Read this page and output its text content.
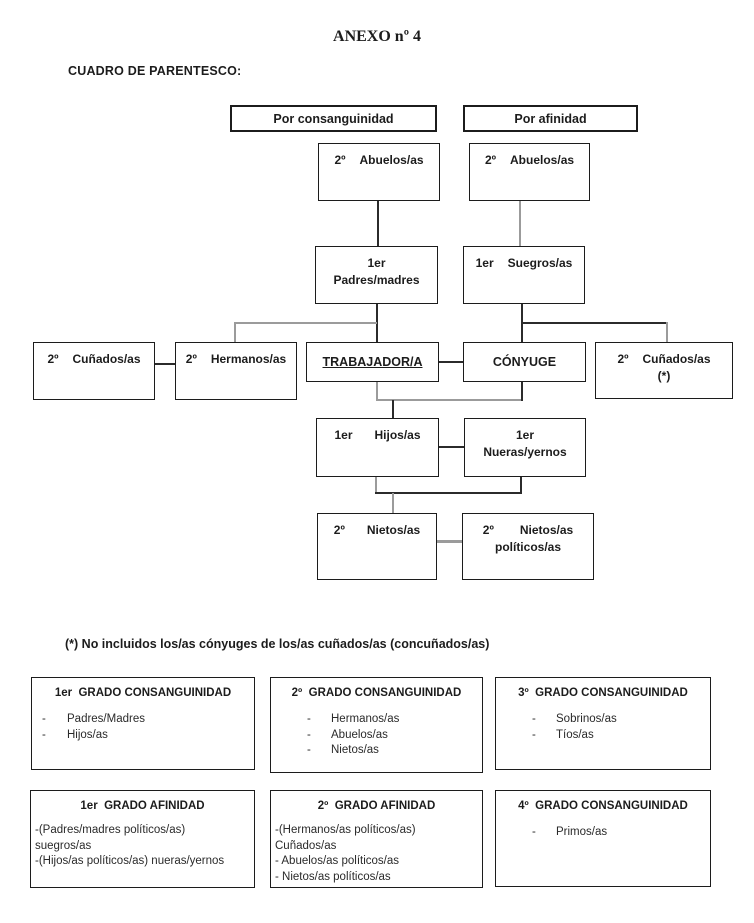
ANEXO nº 4
CUADRO DE PARENTESCO:
Por consanguinidad	Por afinidad
2º Abuelos/as	2º Abuelos/as
1er
Padres/madres
1er Suegros/as
2º Cuñados/as	2º Hermanos/as	TRABAJADOR/A	CÓNYUGE	2º Cuñados/as
(*)
1er Hijos/as	1er
Nueras/yernos
2º Nietos/as	2º Nietos/as
políticos/as
(*) No incluidos los/as cónyuges de los/as cuñados/as (concuñados/as)
1er  GRADO CONSANGUINIDAD
- Padres/Madres
- Hijos/as
2º  GRADO CONSANGUINIDAD
- Hermanos/as
- Abuelos/as
- Nietos/as
3º  GRADO CONSANGUINIDAD
- Sobrinos/as
- Tíos/as
1er  GRADO AFINIDAD
-(Padres/madres políticos/as)
suegros/as
-(Hijos/as políticos/as) nueras/yernos
2º  GRADO AFINIDAD
-(Hermanos/as políticos/as)
Cuñados/as
- Abuelos/as políticos/as
- Nietos/as políticos/as
4º  GRADO CONSANGUINIDAD
- Primos/as
